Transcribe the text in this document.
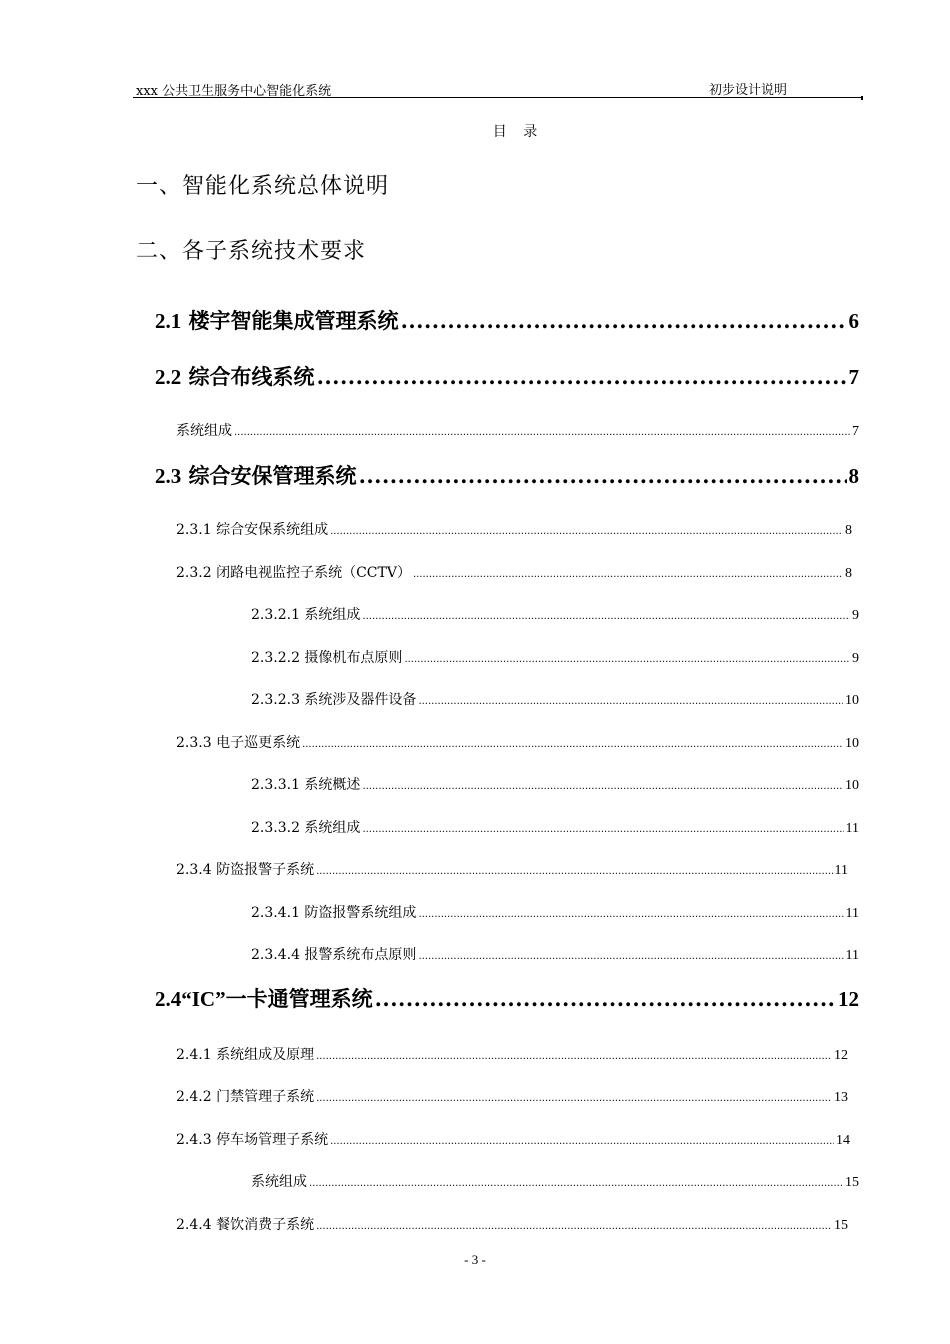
xxx 公共卫生服务中心智能化系统	初步设计说明
目 录
一、智能化系统总体说明
二、各子系统技术要求
2.1 楼宇智能集成管理系统 .....	6
2.2 综合布线系统 .....	7
系统组成 .....	7
2.3 综合安保管理系统 .....	8
2.3.1 综合安保系统组成 .....	8
2.3.2 闭路电视监控子系统（CCTV） .....	8
2.3.2.1 系统组成 .....	9
2.3.2.2 摄像机布点原则 .....	9
2.3.2.3 系统涉及器件设备 .....	10
2.3.3 电子巡更系统 .....	10
2.3.3.1 系统概述 .....	10
2.3.3.2 系统组成 .....	11
2.3.4 防盗报警子系统 .....	11
2.3.4.1 防盗报警系统组成 .....	11
2.3.4.4 报警系统布点原则 .....	11
2.4“IC”一卡通管理系统 .....	12
2.4.1 系统组成及原理 .....	12
2.4.2 门禁管理子系统 .....	13
2.4.3 停车场管理子系统 .....	14
系统组成 .....	15
2.4.4 餐饮消费子系统 .....	15
- 3 -
